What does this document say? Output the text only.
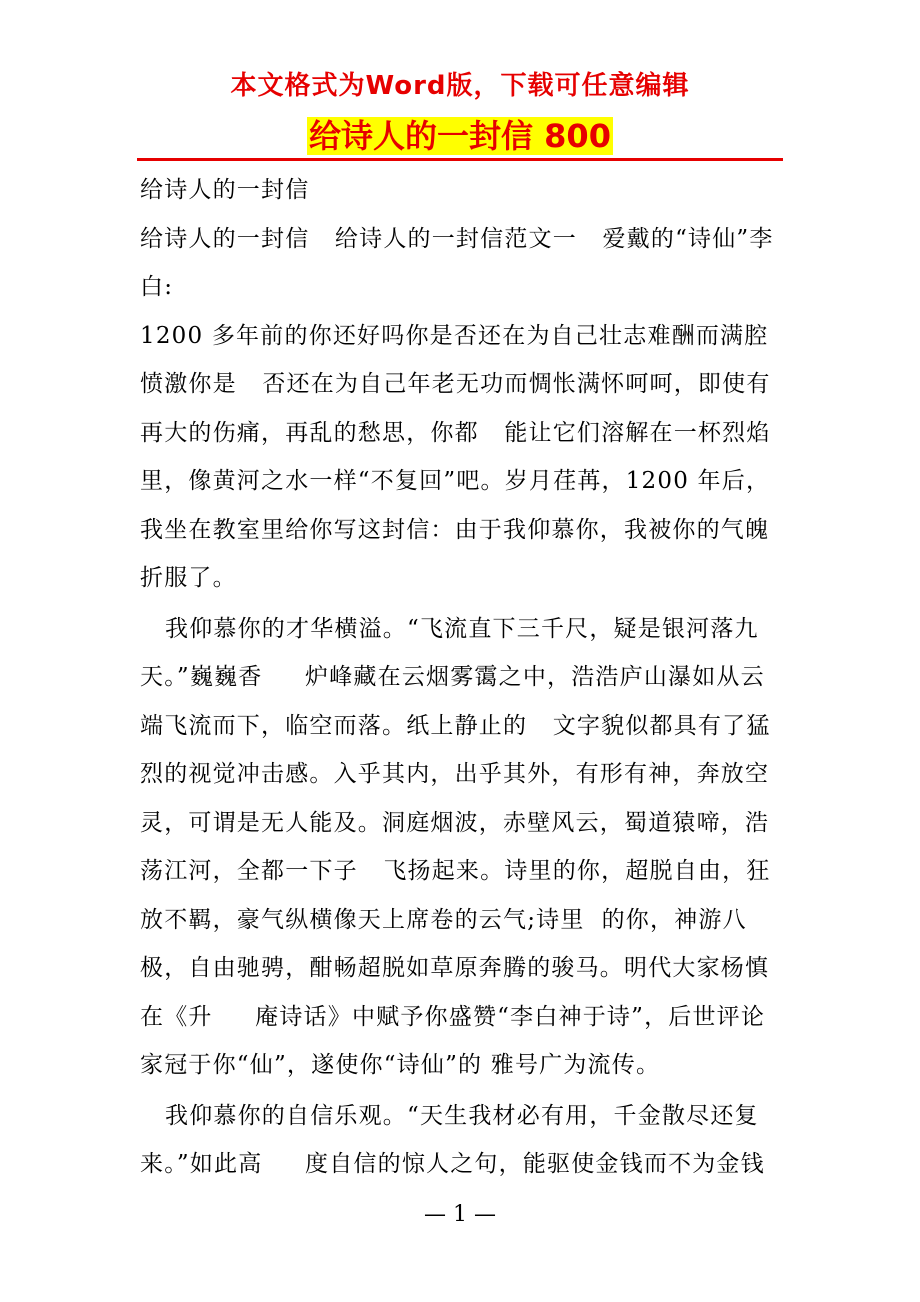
本文格式为Word版，下载可任意编辑
给诗人的一封信 800

给诗人的一封信

给诗人的一封信   给诗人的一封信范文一   爱戴的“诗仙”李白:

1200 多年前的你还好吗你是否还在为自己壮志难酬而满腔愤激你是   否还在为自己年老无功而惆怅满怀呵呵，即使有再大的伤痛，再乱的愁思，你都   能让它们溶解在一杯烈焰里，像黄河之水一样“不复回”吧。岁月荏苒，1200 年后，  我坐在教室里给你写这封信：由于我仰慕你，我被你的气魄折服了。

我仰慕你的才华横溢。“飞流直下三千尺，疑是银河落九天。”巍巍香     炉峰藏在云烟雾霭之中，浩浩庐山瀑如从云端飞流而下，临空而落。纸上静止的   文字貌似都具有了猛烈的视觉冲击感。入乎其内，出乎其外，有形有神，奔放空  灵，可谓是无人能及。洞庭烟波，赤壁风云，蜀道猿啼，浩荡江河，全都一下子   飞扬起来。诗里的你，超脱自由，狂放不羁，豪气纵横像天上席卷的云气;诗里  的你，神游八极，自由驰骋，酣畅超脱如草原奔腾的骏马。明代大家杨慎在《升     庵诗话》中赋予你盛赞“李白神于诗”，后世评论家冠于你“仙”，遂使你“诗仙”的 雅号广为流传。

我仰慕你的自信乐观。“天生我材必有用，千金散尽还复来。”如此高     度自信的惊人之句，能驱使金钱而不为金钱

— 1 —
